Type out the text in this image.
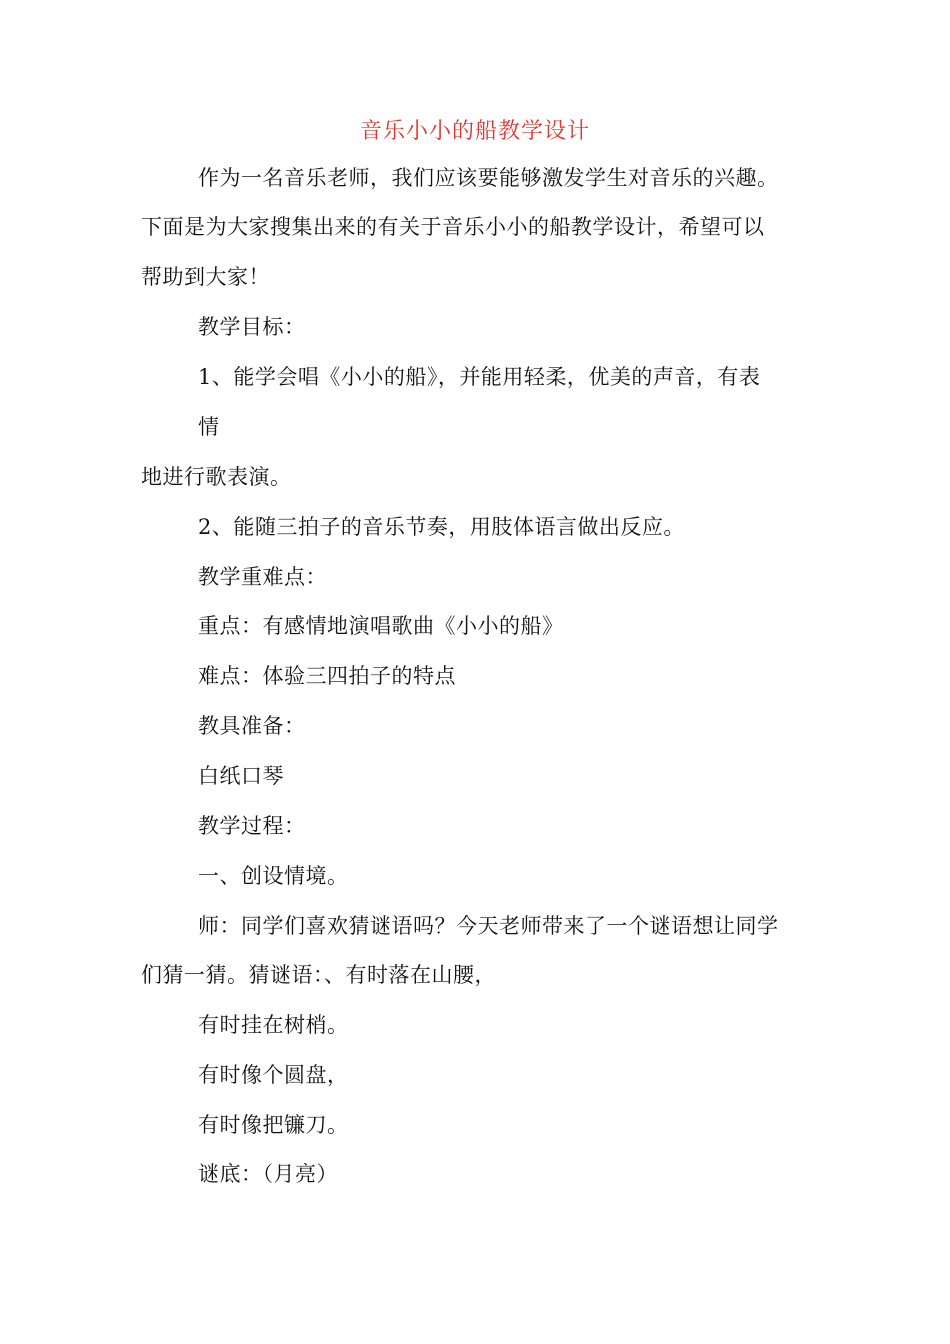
音乐小小的船教学设计
作为一名音乐老师，我们应该要能够激发学生对音乐的兴趣。
下面是为大家搜集出来的有关于音乐小小的船教学设计，希望可以
帮助到大家！
教学目标：
1、能学会唱《小小的船》，并能用轻柔，优美的声音，有表
情
地进行歌表演。
2、能随三拍子的音乐节奏，用肢体语言做出反应。
教学重难点：
重点：有感情地演唱歌曲《小小的船》
难点：体验三四拍子的特点
教具准备：
白纸口琴
教学过程：
一、创设情境。
师：同学们喜欢猜谜语吗？今天老师带来了一个谜语想让同学
们猜一猜。猜谜语：、有时落在山腰，
有时挂在树梢。
有时像个圆盘，
有时像把镰刀。
谜底：（月亮）
